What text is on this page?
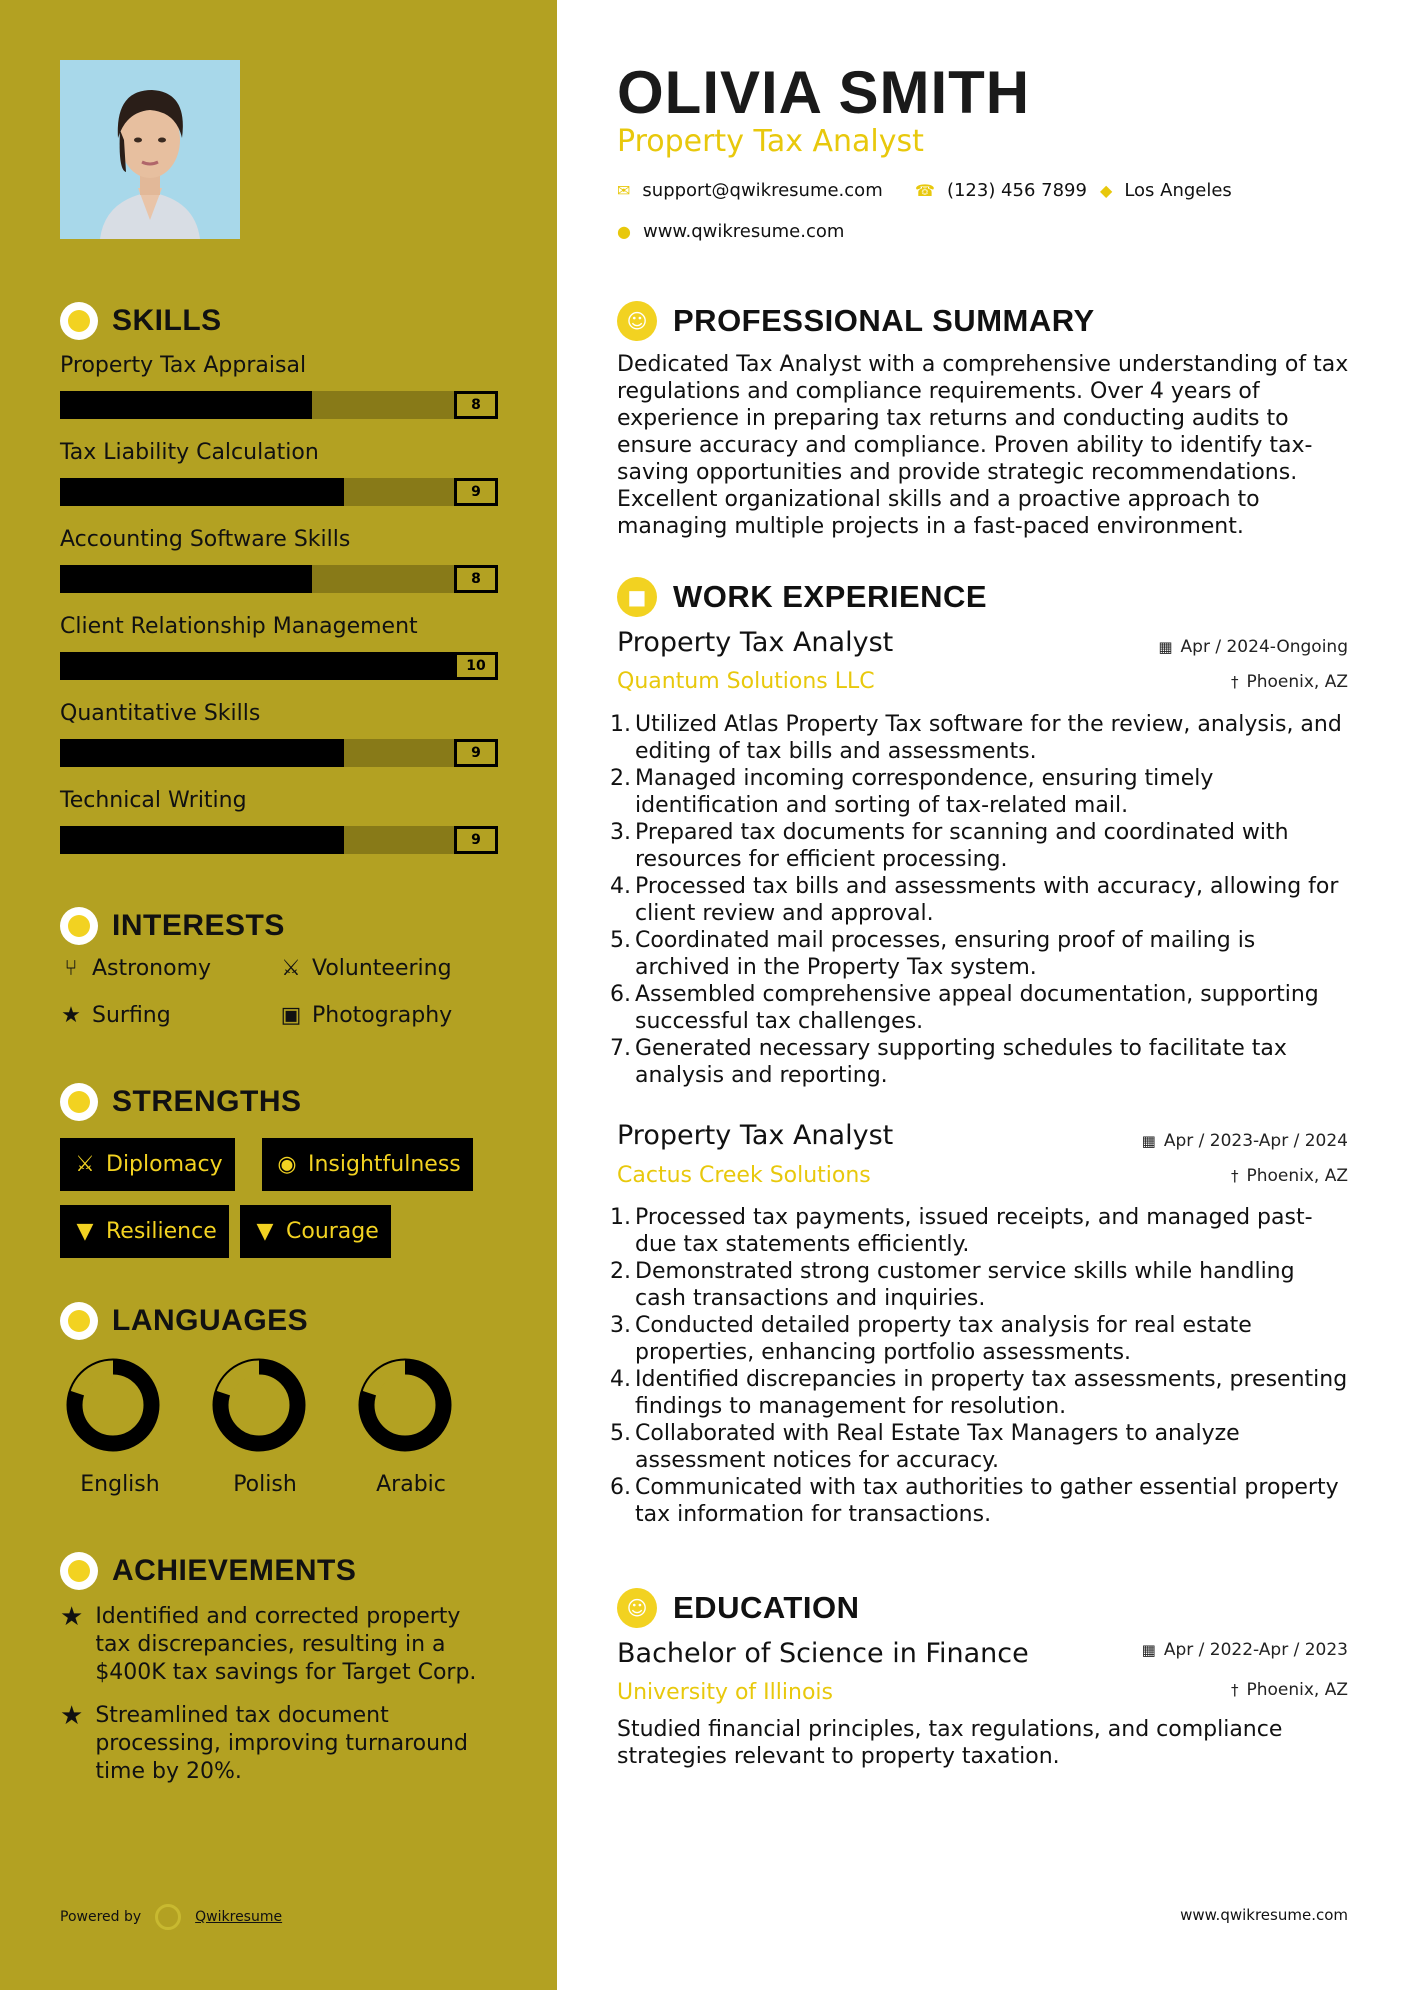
SKILLS
Property Tax Appraisal
8
Tax Liability Calculation
9
Accounting Software Skills
8
Client Relationship Management
10
Quantitative Skills
9
Technical Writing
9
INTERESTS
⑂ Astronomy	⚔ Volunteering
★ Surfing	▣ Photography
STRENGTHS
⚔ Diplomacy ◉ Insightfulness
▼ Resilience ▼ Courage
LANGUAGES
English	Polish	Arabic
ACHIEVEMENTS
★ Identified and corrected property tax discrepancies, resulting in a $400K tax savings for Target Corp.
★ Streamlined tax document processing, improving turnaround time by 20%.
Powered by	Qwikresume
OLIVIA SMITH
Property Tax Analyst
✉ support@qwikresume.com ☎ (123) 456 7899 ◆ Los Angeles
● www.qwikresume.com
☺ PROFESSIONAL SUMMARY
Dedicated Tax Analyst with a comprehensive understanding of tax regulations and compliance requirements. Over 4 years of experience in preparing tax returns and conducting audits to ensure accuracy and compliance. Proven ability to identify tax-saving opportunities and provide strategic recommendations. Excellent organizational skills and a proactive approach to managing multiple projects in a fast-paced environment.
■ WORK EXPERIENCE
Property Tax Analyst
Quantum Solutions LLC
▦ Apr / 2024-Ongoing
† Phoenix, AZ
1. Utilized Atlas Property Tax software for the review, analysis, and editing of tax bills and assessments.
2. Managed incoming correspondence, ensuring timely identification and sorting of tax-related mail.
3. Prepared tax documents for scanning and coordinated with resources for efficient processing.
4. Processed tax bills and assessments with accuracy, allowing for client review and approval.
5. Coordinated mail processes, ensuring proof of mailing is archived in the Property Tax system.
6. Assembled comprehensive appeal documentation, supporting successful tax challenges.
7. Generated necessary supporting schedules to facilitate tax analysis and reporting.
Property Tax Analyst
Cactus Creek Solutions
▦ Apr / 2023-Apr / 2024
† Phoenix, AZ
1. Processed tax payments, issued receipts, and managed past-due tax statements efficiently.
2. Demonstrated strong customer service skills while handling cash transactions and inquiries.
3. Conducted detailed property tax analysis for real estate properties, enhancing portfolio assessments.
4. Identified discrepancies in property tax assessments, presenting findings to management for resolution.
5. Collaborated with Real Estate Tax Managers to analyze assessment notices for accuracy.
6. Communicated with tax authorities to gather essential property tax information for transactions.
☺ EDUCATION
Bachelor of Science in Finance
University of Illinois
▦ Apr / 2022-Apr / 2023
† Phoenix, AZ
Studied financial principles, tax regulations, and compliance strategies relevant to property taxation.
www.qwikresume.com
